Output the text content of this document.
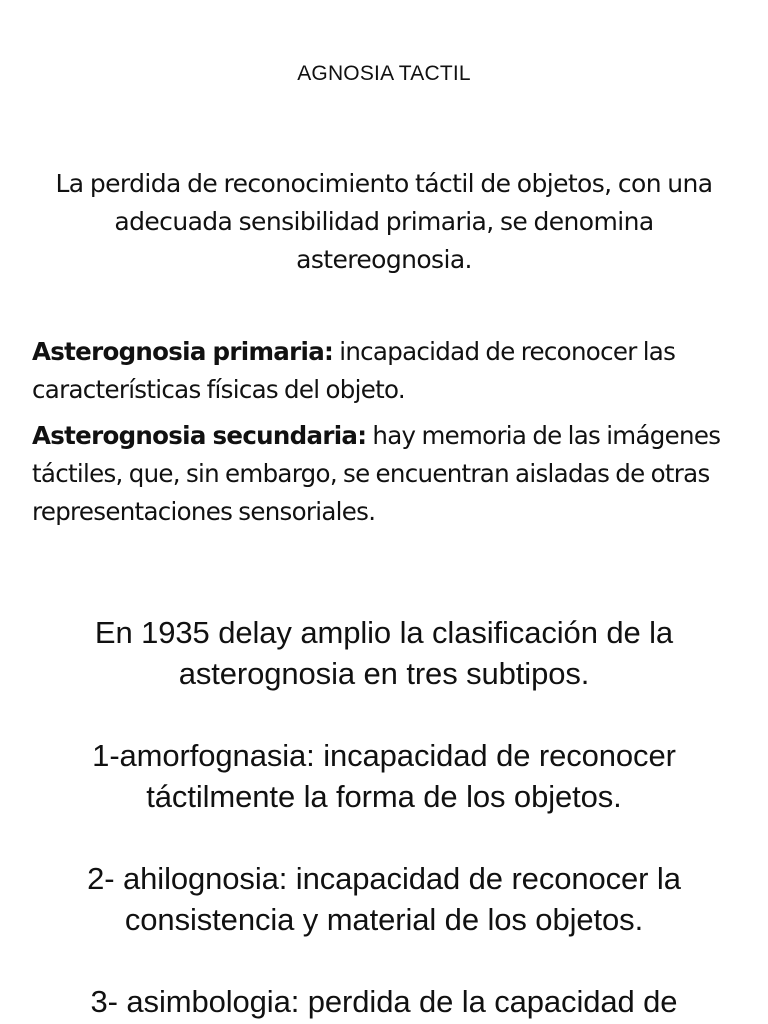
AGNOSIA TACTIL
La perdida de reconocimiento táctil de objetos, con una adecuada sensibilidad primaria, se denomina astereognosia.

Asterognosia primaria: incapacidad de reconocer las características físicas del objeto.

Asterognosia secundaria: hay memoria de las imágenes táctiles, que, sin embargo, se encuentran aisladas de otras representaciones sensoriales.

En 1935 delay amplio la clasificación de la asterognosia en tres subtipos.

1-amorfognasia: incapacidad de reconocer táctilmente la forma de los objetos.

2- ahilognosia: incapacidad de reconocer la consistencia y material de los objetos.

3- asimbologia: perdida de la capacidad de
